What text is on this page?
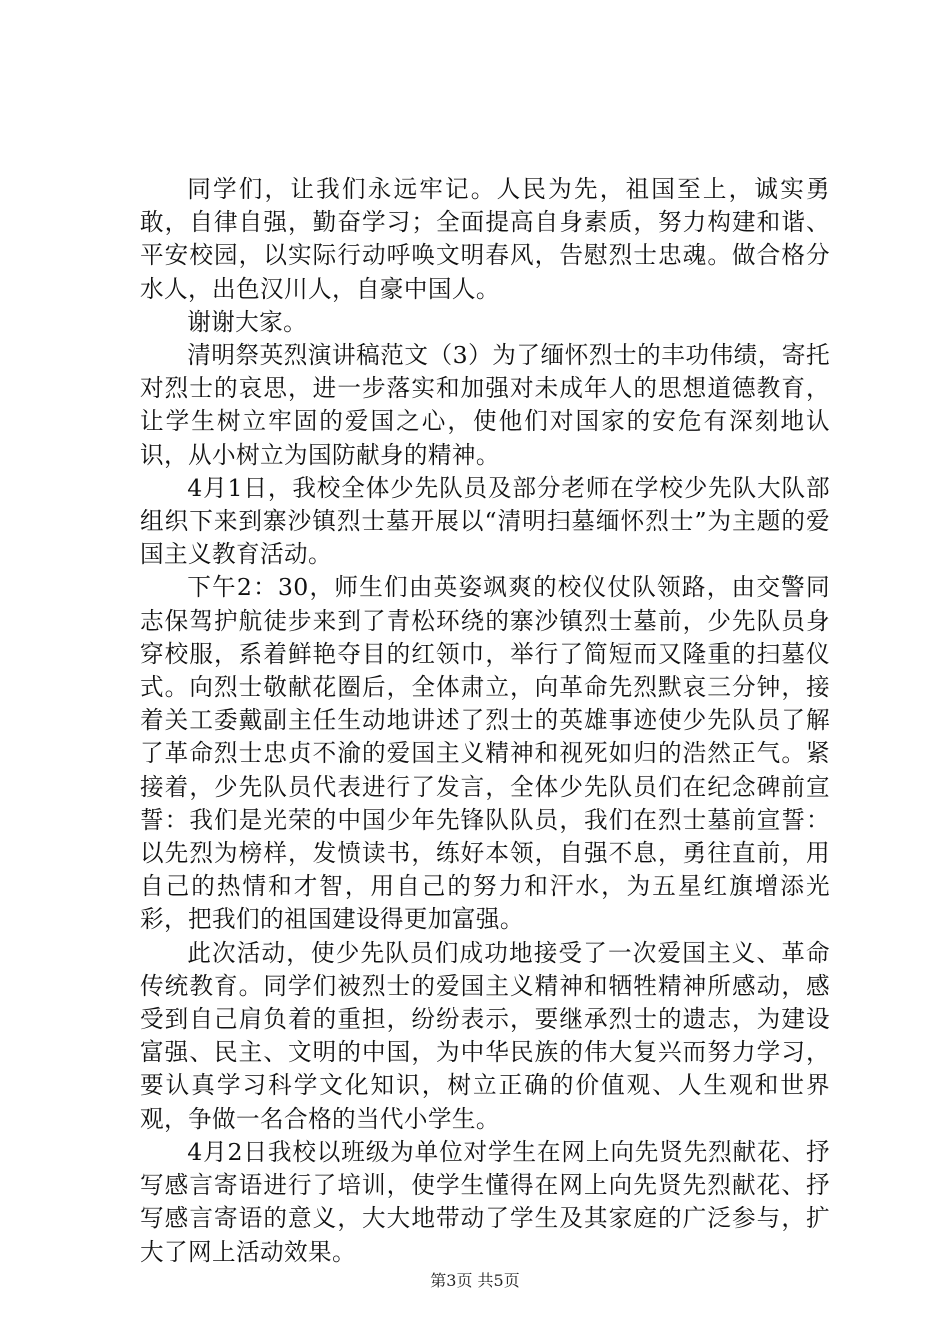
同学们，让我们永远牢记。人民为先，祖国至上，诚实勇敢，自律自强，勤奋学习；全面提高自身素质，努力构建和谐、平安校园，以实际行动呼唤文明春风，告慰烈士忠魂。做合格分水人，出色汉川人，自豪中国人。

谢谢大家。

清明祭英烈演讲稿范文（3）为了缅怀烈士的丰功伟绩，寄托对烈士的哀思，进一步落实和加强对未成年人的思想道德教育，让学生树立牢固的爱国之心，使他们对国家的安危有深刻地认识，从小树立为国防献身的精神。

4月1日，我校全体少先队员及部分老师在学校少先队大队部组织下来到寨沙镇烈士墓开展以“清明扫墓缅怀烈士”为主题的爱国主义教育活动。

下午2：30，师生们由英姿飒爽的校仪仗队领路，由交警同志保驾护航徒步来到了青松环绕的寨沙镇烈士墓前，少先队员身穿校服，系着鲜艳夺目的红领巾，举行了简短而又隆重的扫墓仪式。向烈士敬献花圈后，全体肃立，向革命先烈默哀三分钟，接着关工委戴副主任生动地讲述了烈士的英雄事迹使少先队员了解了革命烈士忠贞不渝的爱国主义精神和视死如归的浩然正气。紧接着，少先队员代表进行了发言，全体少先队员们在纪念碑前宣誓：我们是光荣的中国少年先锋队队员，我们在烈士墓前宣誓：以先烈为榜样，发愤读书，练好本领，自强不息，勇往直前，用自己的热情和才智，用自己的努力和汗水，为五星红旗增添光彩，把我们的祖国建设得更加富强。

此次活动，使少先队员们成功地接受了一次爱国主义、革命传统教育。同学们被烈士的爱国主义精神和牺牲精神所感动，感受到自己肩负着的重担，纷纷表示，要继承烈士的遗志，为建设富强、民主、文明的中国，为中华民族的伟大复兴而努力学习，要认真学习科学文化知识，树立正确的价值观、人生观和世界观，争做一名合格的当代小学生。

4月2日我校以班级为单位对学生在网上向先贤先烈献花、抒写感言寄语进行了培训，使学生懂得在网上向先贤先烈献花、抒写感言寄语的意义，大大地带动了学生及其家庭的广泛参与，扩大了网上活动效果。

第3页 共5页
